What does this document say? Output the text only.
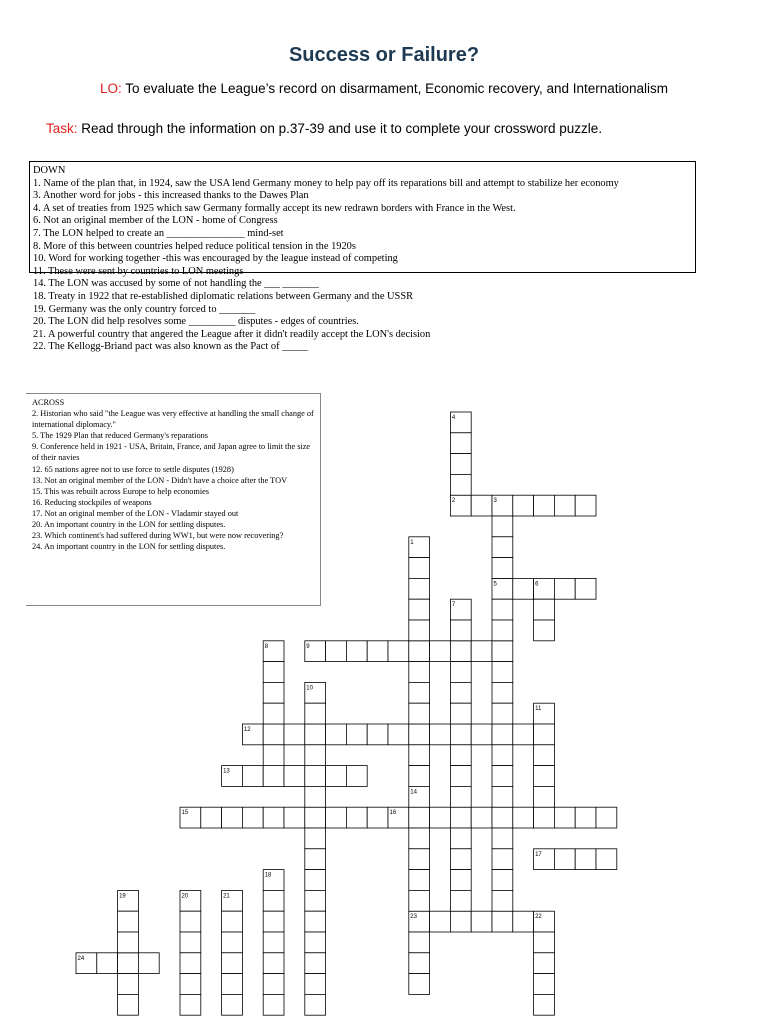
Success or Failure?
LO: To evaluate the League’s record on disarmament, Economic recovery, and Internationalism
Task: Read through the information on p.37-39 and use it to complete your crossword puzzle.
DOWN
1. Name of the plan that, in 1924, saw the USA lend Germany money to help pay off its reparations bill and attempt to stabilize her economy
3. Another word for jobs - this increased thanks to the Dawes Plan
4. A set of treaties from 1925 which saw Germany formally accept its new redrawn borders with France in the West.
6. Not an original member of the LON - home of Congress
7. The LON helped to create an _______________ mind-set
8. More of this between countries helped reduce political tension in the 1920s
10. Word for working together -this was encouraged by the league instead of competing
11. These were sent by countries to LON meetings
14. The LON was accused by some of not handling the ___ _______
18. Treaty in 1922 that re-established diplomatic relations between Germany and the USSR
19. Germany was the only country forced to _______
20. The LON did help resolves some _________ disputes - edges of countries.
21. A powerful country that angered the League after it didn't readily accept the LON's decision
22. The Kellogg-Briand pact was also known as the Pact of _____
ACROSS
2. Historian who said "the League was very effective at handling the small change of international diplomacy."
5. The 1929 Plan that reduced Germany's reparations
9. Conference held in 1921 - USA, Britain, France, and Japan agree to limit the size of their navies
12. 65 nations agree not to use force to settle disputes (1928)
13. Not an original member of the LON - Didn't have a choice after the TOV
15. This was rebuilt across Europe to help economies
16. Reducing stockpiles of weapons
17. Not an original member of the LON - Vladamir stayed out
20. An important country in the LON for settling disputes.
23. Which continent's had suffered during WW1, but were now recovering?
24. An important country in the LON for settling disputes.	1
2	3
4
5	6
7
8	9
10
11
12
13
14
15	16
17
18
19	20	21
22
23
24
